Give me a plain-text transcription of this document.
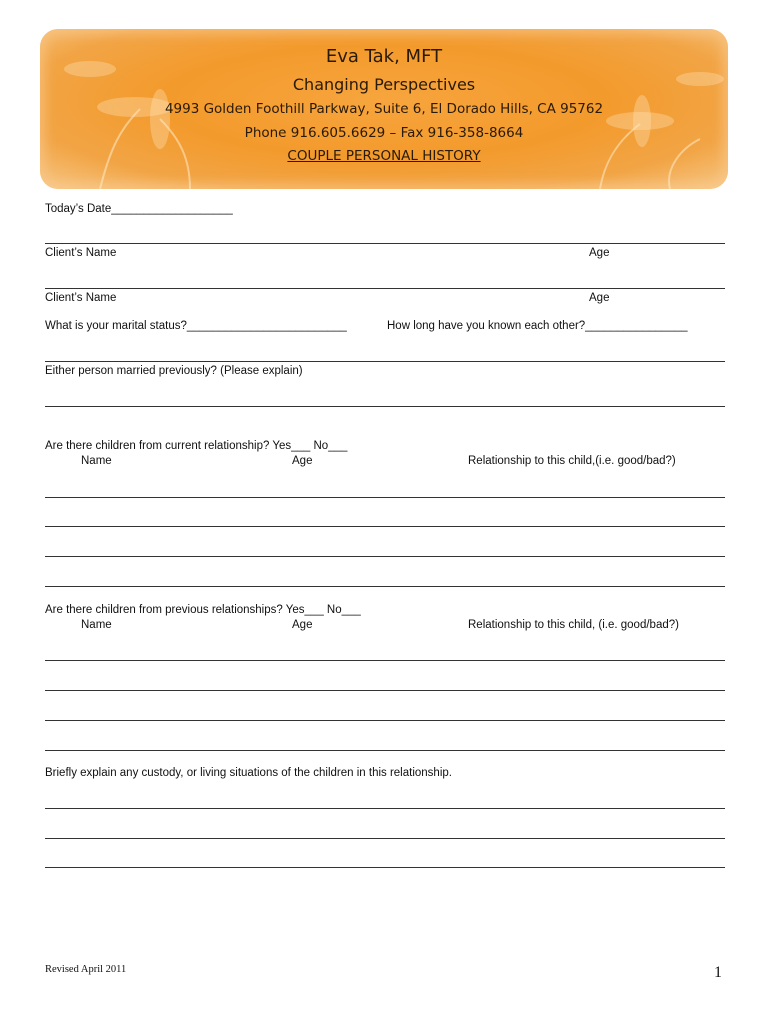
Eva Tak, MFT
Changing Perspectives
4993 Golden Foothill Parkway, Suite 6, El Dorado Hills, CA 95762
Phone 916.605.6629 – Fax 916-358-8664
COUPLE PERSONAL HISTORY
Today’s Date___________________
Client’s Name	Age
Client’s Name	Age
What is your marital status?_________________________	How long have you known each other?________________
Either person married previously? (Please explain)
Are there children from current relationship? Yes___ No___
Name	Age	Relationship to this child,(i.e. good/bad?)
Are there children from previous relationships? Yes___ No___
Name	Age	Relationship to this child, (i.e. good/bad?)
Briefly explain any custody, or living situations of the children in this relationship.
Revised April 2011	1
